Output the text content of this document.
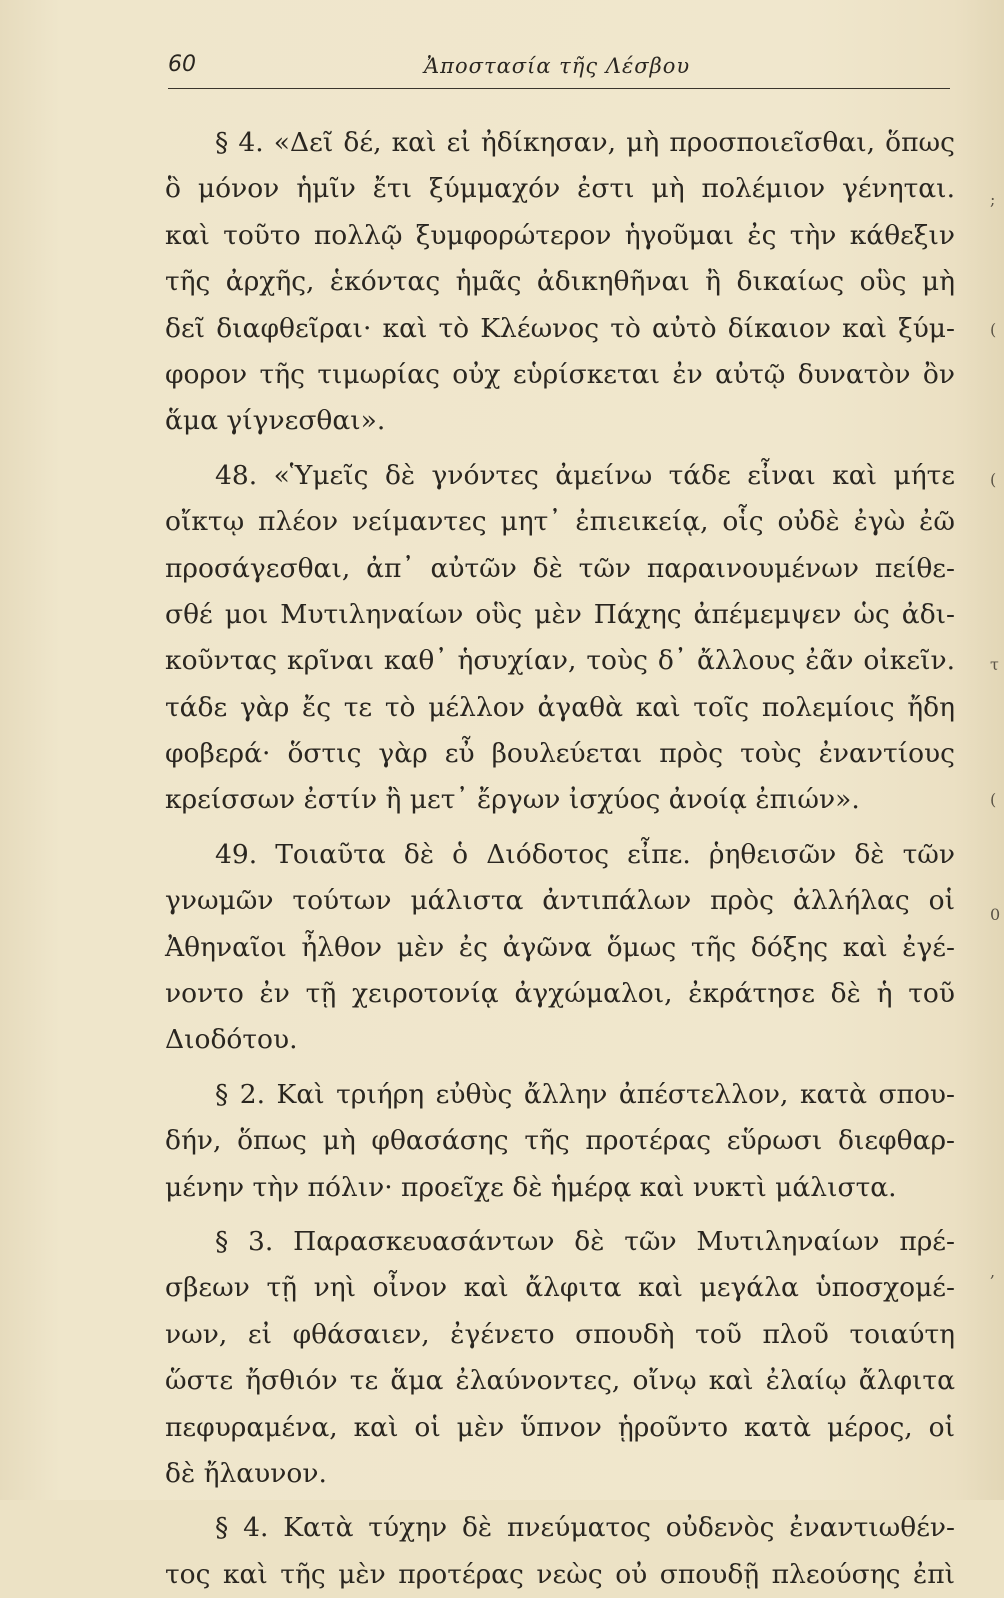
60	Ἀποστασία τῆς Λέσβου
§ 4. «Δεῖ δέ, καὶ εἰ ἠδίκησαν, μὴ προσποιεῖσθαι, ὅπως
ὃ μόνον ἡμῖν ἔτι ξύμμαχόν ἐστι μὴ πολέμιον γένηται.
καὶ τοῦτο πολλῷ ξυμφορώτερον ἡγοῦμαι ἐς τὴν κάθεξιν
τῆς ἀρχῆς, ἑκόντας ἡμᾶς ἀδικηθῆναι ἢ δικαίως οὓς μὴ
δεῖ διαφθεῖραι· καὶ τὸ Κλέωνος τὸ αὐτὸ δίκαιον καὶ ξύμ-
φορον τῆς τιμωρίας οὐχ εὑρίσκεται ἐν αὐτῷ δυνατὸν ὂν
ἅμα γίγνεσθαι».
48. «Ὑμεῖς δὲ γνόντες ἀμείνω τάδε εἶναι καὶ μήτε
οἴκτῳ πλέον νείμαντες μητ᾽ ἐπιεικείᾳ, οἷς οὐδὲ ἐγὼ ἐῶ
προσάγεσθαι, ἀπ᾽ αὐτῶν δὲ τῶν παραινουμένων πείθε-
σθέ μοι Μυτιληναίων οὓς μὲν Πάχης ἀπέμεμψεν ὡς ἀδι-
κοῦντας κρῖναι καθ᾽ ἡσυχίαν, τοὺς δ᾽ ἄλλους ἐᾶν οἰκεῖν.
τάδε γὰρ ἔς τε τὸ μέλλον ἀγαθὰ καὶ τοῖς πολεμίοις ἤδη
φοβερά· ὅστις γὰρ εὖ βουλεύεται πρὸς τοὺς ἐναντίους
κρείσσων ἐστίν ἢ μετ᾽ ἔργων ἰσχύος ἀνοίᾳ ἐπιών».
49. Τοιαῦτα δὲ ὁ Διόδοτος εἶπε. ῥηθεισῶν δὲ τῶν
γνωμῶν τούτων μάλιστα ἀντιπάλων πρὸς ἀλλήλας οἱ
Ἀθηναῖοι ἦλθον μὲν ἐς ἀγῶνα ὅμως τῆς δόξης καὶ ἐγέ-
νοντο ἐν τῇ χειροτονίᾳ ἀγχώμαλοι, ἐκράτησε δὲ ἡ τοῦ
Διοδότου.
§ 2. Καὶ τριήρη εὐθὺς ἄλλην ἀπέστελλον, κατὰ σπου-
δήν, ὅπως μὴ φθασάσης τῆς προτέρας εὕρωσι διεφθαρ-
μένην τὴν πόλιν· προεῖχε δὲ ἡμέρᾳ καὶ νυκτὶ μάλιστα.
§ 3. Παρασκευασάντων δὲ τῶν Μυτιληναίων πρέ-
σβεων τῇ νηὶ οἶνον καὶ ἄλφιτα καὶ μεγάλα ὑποσχομέ-
νων, εἰ φθάσαιεν, ἐγένετο σπουδὴ τοῦ πλοῦ τοιαύτη
ὥστε ἤσθιόν τε ἅμα ἐλαύνοντες, οἴνῳ καὶ ἐλαίῳ ἄλφιτα
πεφυραμένα, καὶ οἱ μὲν ὕπνον ᾑροῦντο κατὰ μέρος, οἱ
δὲ ἤλαυνον.
§ 4. Κατὰ τύχην δὲ πνεύματος οὐδενὸς ἐναντιωθέν-
τος καὶ τῆς μὲν προτέρας νεὼς οὐ σπουδῇ πλεούσης ἐπὶ
;
(
(
τ
(
0
,
